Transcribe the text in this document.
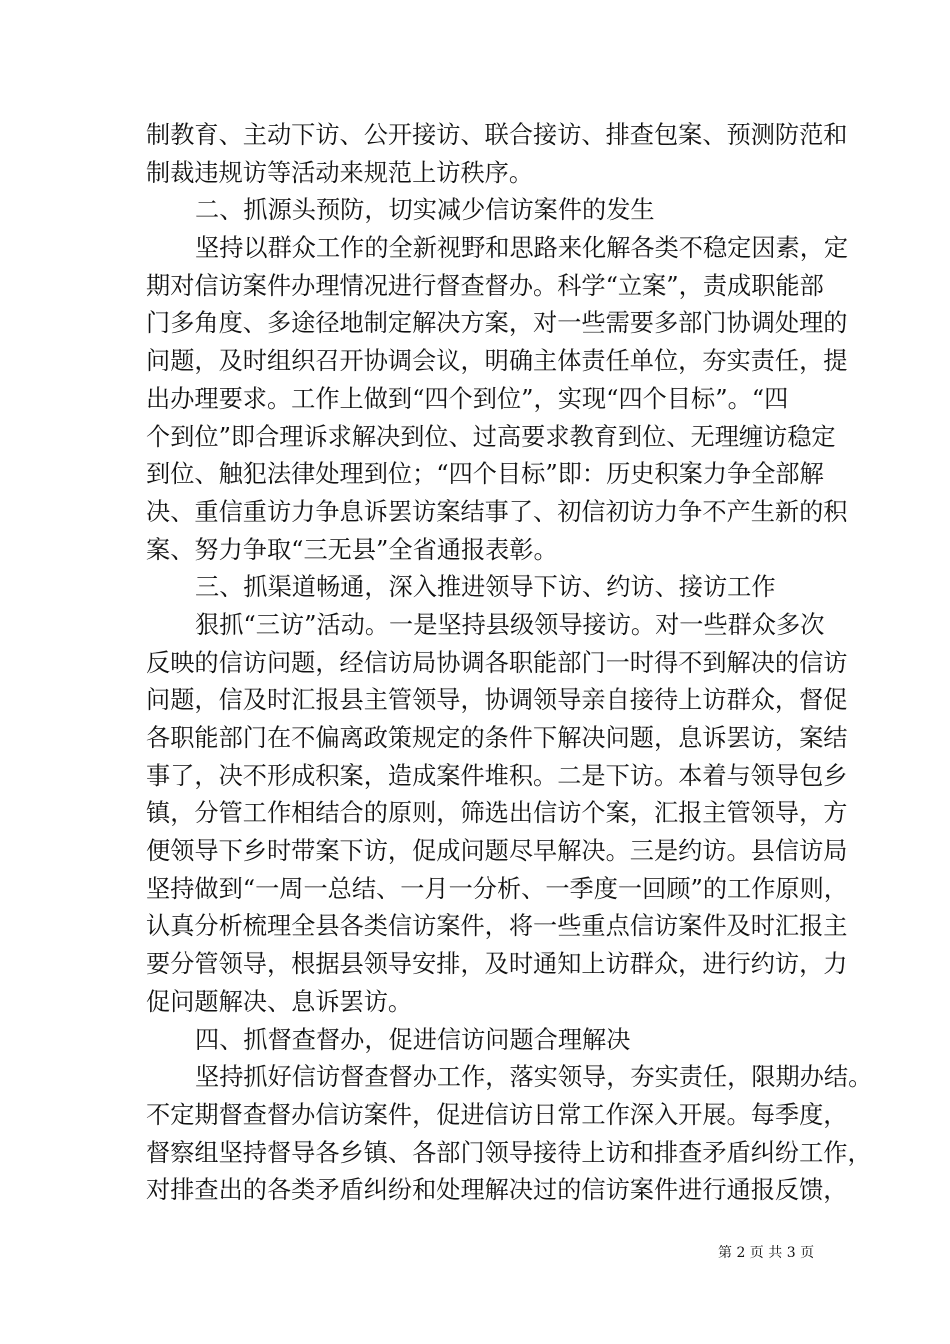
制教育、主动下访、公开接访、联合接访、排查包案、预测防范和
制裁违规访等活动来规范上访秩序。
二、抓源头预防，切实减少信访案件的发生
坚持以群众工作的全新视野和思路来化解各类不稳定因素，定
期对信访案件办理情况进行督查督办。科学“立案”，责成职能部
门多角度、多途径地制定解决方案，对一些需要多部门协调处理的
问题，及时组织召开协调会议，明确主体责任单位，夯实责任，提
出办理要求。工作上做到“四个到位”，实现“四个目标”。“四
个到位”即合理诉求解决到位、过高要求教育到位、无理缠访稳定
到位、触犯法律处理到位；“四个目标”即：历史积案力争全部解
决、重信重访力争息诉罢访案结事了、初信初访力争不产生新的积
案、努力争取“三无县”全省通报表彰。
三、抓渠道畅通，深入推进领导下访、约访、接访工作
狠抓“三访”活动。一是坚持县级领导接访。对一些群众多次
反映的信访问题，经信访局协调各职能部门一时得不到解决的信访
问题，信及时汇报县主管领导，协调领导亲自接待上访群众，督促
各职能部门在不偏离政策规定的条件下解决问题，息诉罢访，案结
事了，决不形成积案，造成案件堆积。二是下访。本着与领导包乡
镇，分管工作相结合的原则，筛选出信访个案，汇报主管领导，方
便领导下乡时带案下访，促成问题尽早解决。三是约访。县信访局
坚持做到“一周一总结、一月一分析、一季度一回顾”的工作原则，
认真分析梳理全县各类信访案件，将一些重点信访案件及时汇报主
要分管领导，根据县领导安排，及时通知上访群众，进行约访，力
促问题解决、息诉罢访。
四、抓督查督办，促进信访问题合理解决
坚持抓好信访督查督办工作，落实领导，夯实责任，限期办结。
不定期督查督办信访案件，促进信访日常工作深入开展。每季度，
督察组坚持督导各乡镇、各部门领导接待上访和排查矛盾纠纷工作，
对排查出的各类矛盾纠纷和处理解决过的信访案件进行通报反馈，
第 2 页 共 3 页
